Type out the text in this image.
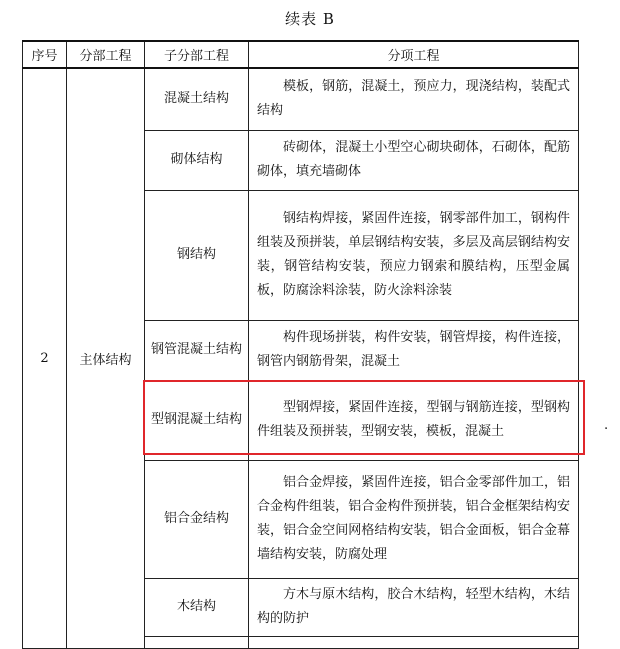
续表 B
序号	分部工程	子分部工程	分项工程
2	主体结构	混凝土结构	模板，钢筋，混凝土，预应力，现浇结构，装配式结构

		砌体结构	砖砌体，混凝土小型空心砌块砌体，石砌体，配筋砌体，填充墙砌体

		钢结构	钢结构焊接，紧固件连接，钢零部件加工，钢构件组装及预拼装，单层钢结构安装，多层及高层钢结构安装，钢管结构安装，预应力钢索和膜结构，压型金属板，防腐涂料涂装，防火涂料涂装

		钢管混凝土结构	构件现场拼装，构件安装，钢管焊接，构件连接，钢管内钢筋骨架，混凝土

		型钢混凝土结构	型钢焊接，紧固件连接，型钢与钢筋连接，型钢构件组装及预拼装，型钢安装，模板，混凝土

		铝合金结构	铝合金焊接，紧固件连接，铝合金零部件加工，铝合金构件组装，铝合金构件预拼装，铝合金框架结构安装，铝合金空间网格结构安装，铝合金面板，铝合金幕墙结构安装，防腐处理

		木结构	方木与原木结构，胶合木结构，轻型木结构，木结构的防护

.
